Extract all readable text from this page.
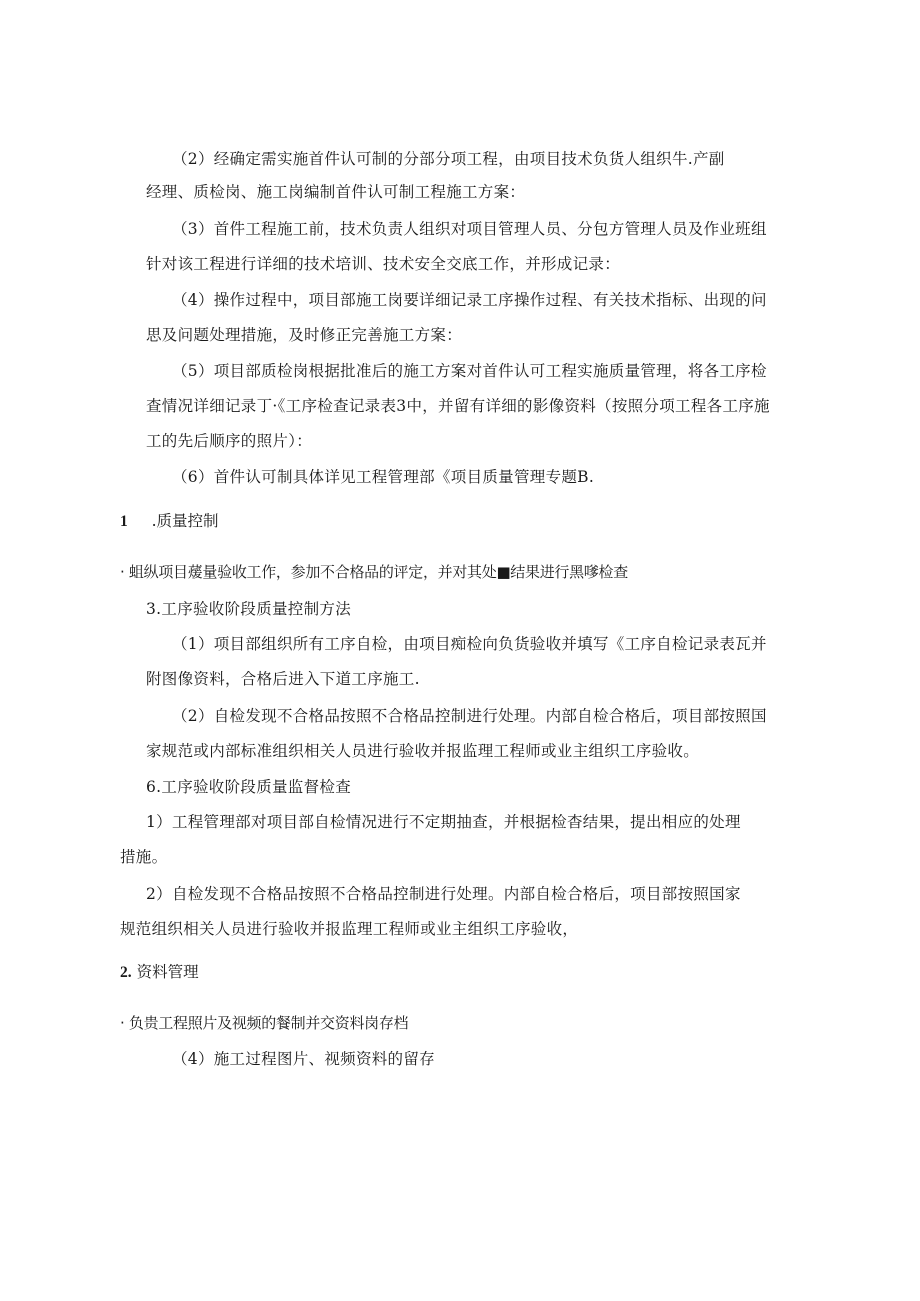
（2）经确定需实施首件认可制的分部分项工程，由项目技术负货人组织牛.产副
经理、质检岗、施工岗编制首件认可制工程施工方案：
（3）首件工程施工前，技术负责人组织对项目管理人员、分包方管理人员及作业班组
针对该工程进行详细的技术培训、技术安全交底工作，并形成记录：
（4）操作过程中，项目部施工岗要详细记录工序操作过程、有关技术指标、出现的问
思及问题处理措施，及时修正完善施工方案：
（5）项目部质检岗根据批准后的施工方案对首件认可工程实施质量管理，将各工序检
查情况详细记录丁·《工序检查记录表3中，并留有详细的影像资料（按照分项工程各工序施
工的先后顺序的照片）：
（6）首件认可制具体详见工程管理部《项目质量管理专题B.
1 .质量控制
· 蛆纵项目蕿量验收工作，参加不合格品的评定，并对其处■结果进行黑嗲检查
3.工序验收阶段质量控制方法
（1）项目部组织所有工序自检，由项目痴检向负货验收并填写《工序自检记录表瓦并
附图像资料，合格后进入下道工序施工.
（2）自检发现不合格品按照不合格品控制进行处理。内部自检合格后，项目部按照国
家规范或内部标准组织相关人员进行验收并报监理工程师或业主组织工序验收。
6.工序验收阶段质量监督检查
1）工程管理部对项目部自检情况进行不定期抽查，并根据检杳结果，提出相应的处理
措施。
2）自检发现不合格品按照不合格品控制进行处理。内部自检合格后，项目部按照国家
规范组织相关人员进行验收并报监理工程师或业主组织工序验收，
2. 资料管理
· 负贵工程照片及视频的餐制并交资料岗存档
（4）施工过程图片、视频资料的留存
